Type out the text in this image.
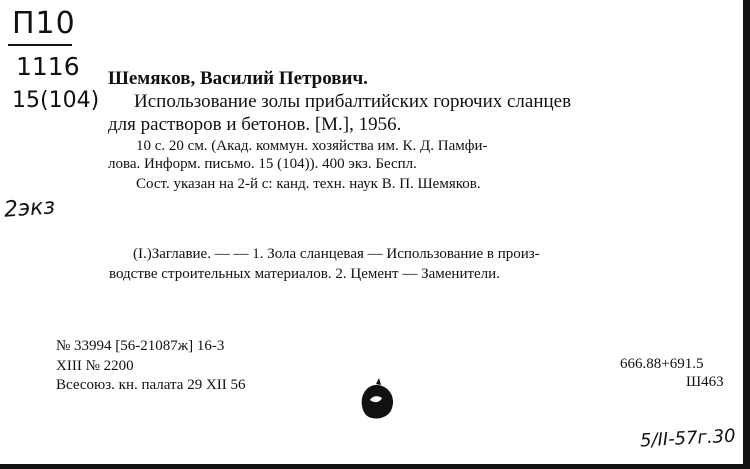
П10
1116
15(104)
2экз
Шемяков, Василий Петрович.
Использование золы прибалтийских горючих сланцев
для растворов и бетонов. [М.], 1956.
10 с. 20 см. (Акад. коммун. хозяйства им. К. Д. Памфи-
лова. Информ. письмо. 15 (104)). 400 экз. Беспл.
Сост. указан на 2-й с: канд. техн. наук В. П. Шемяков.
(I.)Заглавие. — — 1. Зола сланцевая — Использование в произ-
водстве строительных материалов. 2. Цемент — Заменители.
№ 33994 [56-21087ж] 16-3
XIII № 2200
Всесоюз. кн. палата 29 XII 56
666.88+691.5
Ш463
5/II-57г.30
